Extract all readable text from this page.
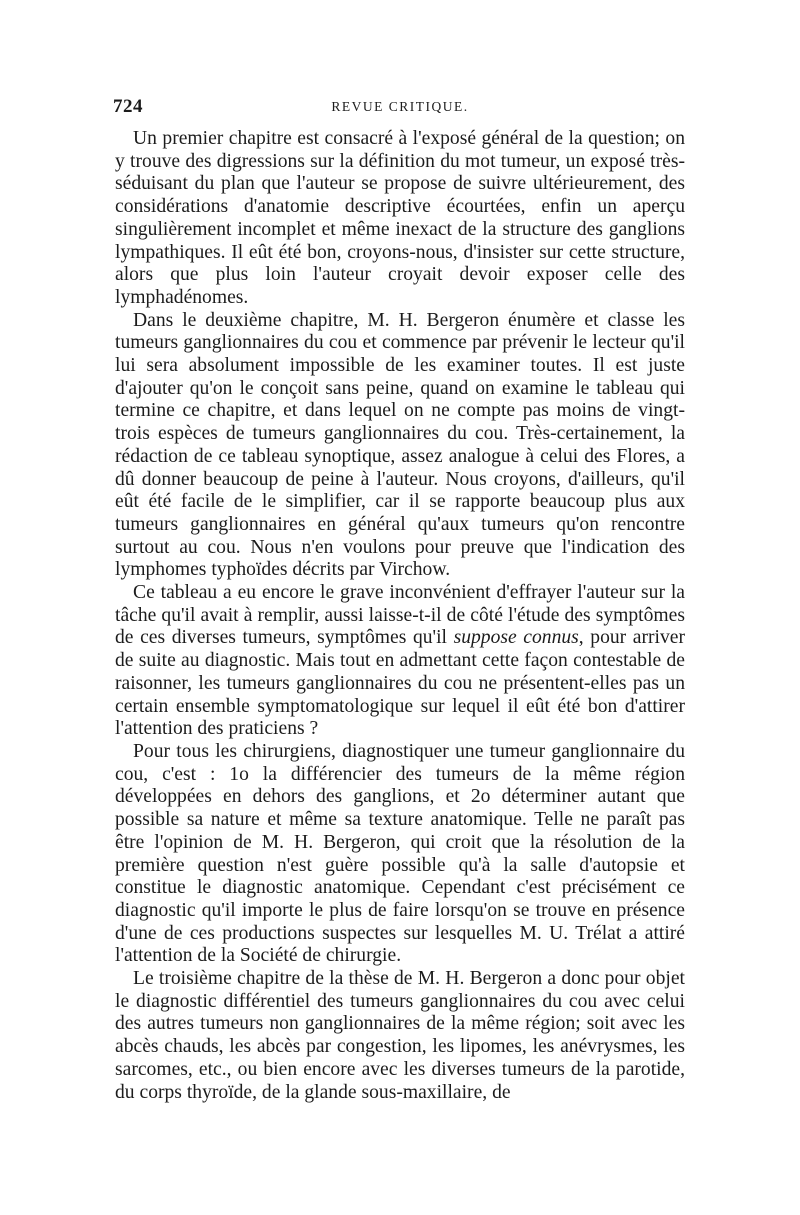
724	REVUE CRITIQUE.

Un premier chapitre est consacré à l'exposé général de la question; on y trouve des digressions sur la définition du mot tumeur, un exposé très-séduisant du plan que l'auteur se propose de suivre ultérieurement, des considérations d'anatomie descriptive écourtées, enfin un aperçu singulièrement incomplet et même inexact de la structure des ganglions lympathiques. Il eût été bon, croyons-nous, d'insister sur cette structure, alors que plus loin l'auteur croyait devoir exposer celle des lymphadénomes.

Dans le deuxième chapitre, M. H. Bergeron énumère et classe les tumeurs ganglionnaires du cou et commence par prévenir le lecteur qu'il lui sera absolument impossible de les examiner toutes. Il est juste d'ajouter qu'on le conçoit sans peine, quand on examine le tableau qui termine ce chapitre, et dans lequel on ne compte pas moins de vingt-trois espèces de tumeurs ganglionnaires du cou. Très-certainement, la rédaction de ce tableau synoptique, assez analogue à celui des Flores, a dû donner beaucoup de peine à l'auteur. Nous croyons, d'ailleurs, qu'il eût été facile de le simplifier, car il se rapporte beaucoup plus aux tumeurs ganglionnaires en général qu'aux tumeurs qu'on rencontre surtout au cou. Nous n'en voulons pour preuve que l'indication des lymphomes typhoïdes décrits par Virchow.

Ce tableau a eu encore le grave inconvénient d'effrayer l'auteur sur la tâche qu'il avait à remplir, aussi laisse-t-il de côté l'étude des symptômes de ces diverses tumeurs, symptômes qu'il suppose connus, pour arriver de suite au diagnostic. Mais tout en admettant cette façon contestable de raisonner, les tumeurs ganglionnaires du cou ne présentent-elles pas un certain ensemble symptomatologique sur lequel il eût été bon d'attirer l'attention des praticiens ?

Pour tous les chirurgiens, diagnostiquer une tumeur ganglionnaire du cou, c'est : 1o la différencier des tumeurs de la même région développées en dehors des ganglions, et 2o déterminer autant que possible sa nature et même sa texture anatomique. Telle ne paraît pas être l'opinion de M. H. Bergeron, qui croit que la résolution de la première question n'est guère possible qu'à la salle d'autopsie et constitue le diagnostic anatomique. Cependant c'est précisément ce diagnostic qu'il importe le plus de faire lorsqu'on se trouve en présence d'une de ces productions suspectes sur lesquelles M. U. Trélat a attiré l'attention de la Société de chirurgie.

Le troisième chapitre de la thèse de M. H. Bergeron a donc pour objet le diagnostic différentiel des tumeurs ganglionnaires du cou avec celui des autres tumeurs non ganglionnaires de la même région; soit avec les abcès chauds, les abcès par congestion, les lipomes, les anévrysmes, les sarcomes, etc., ou bien encore avec les diverses tumeurs de la parotide, du corps thyroïde, de la glande sous-maxillaire, de
